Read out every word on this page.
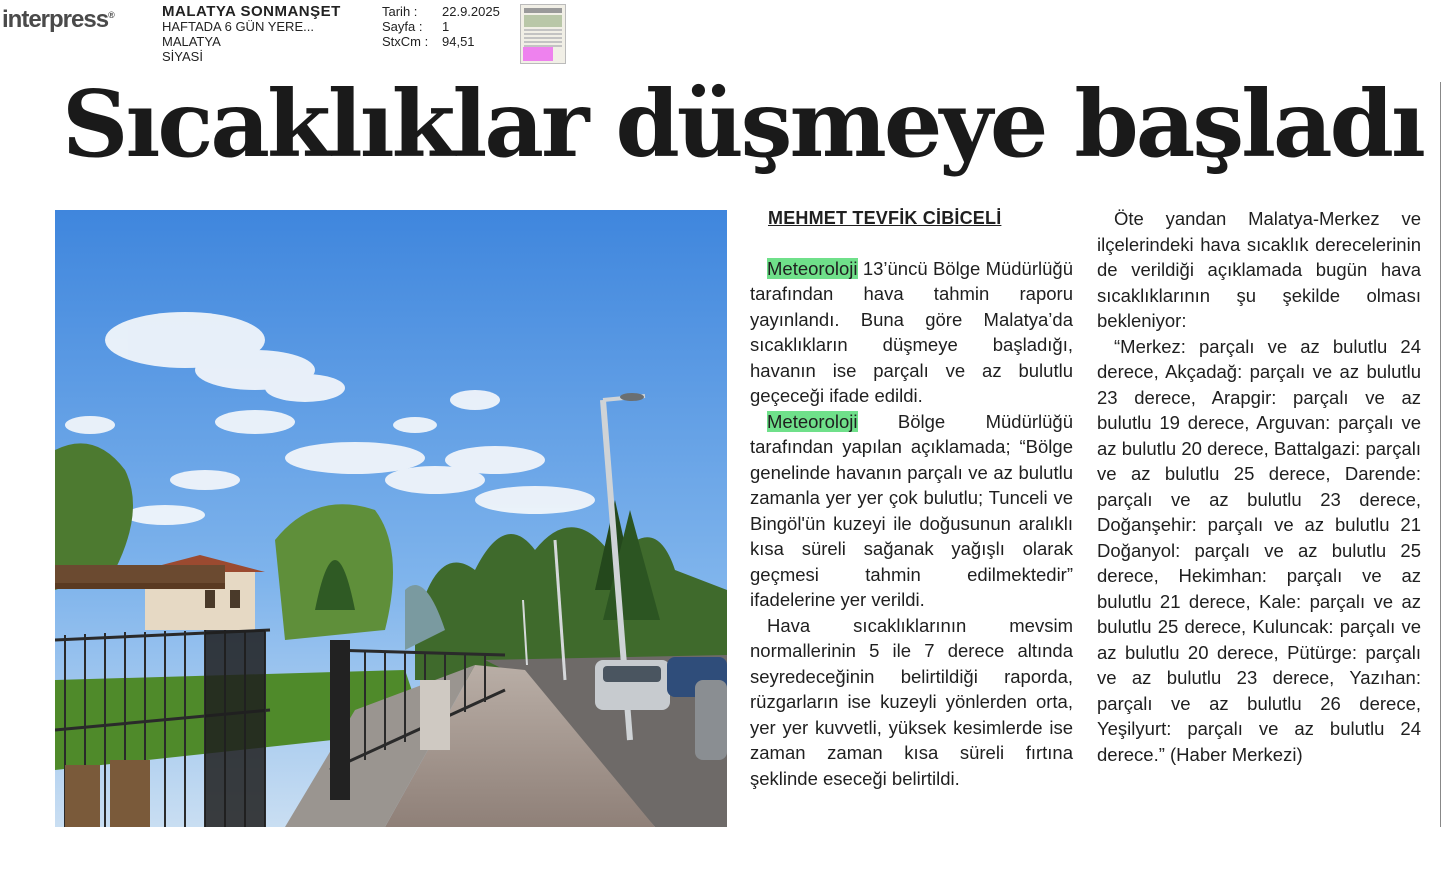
interpress®	MALATYA SONMANŞET
HAFTADA 6 GÜN YERE...
MALATYA
SİYASİ
Tarih :	22.9.2025
Sayfa :	1
StxCm :	94,51
Sıcaklıklar düşmeye başladı
MEHMET TEVFİK CİBİCELİ

Meteoroloji 13’üncü Bölge Müdürlüğü tarafından hava tahmin raporu yayınlandı. Buna göre Malatya’da sıcaklıkların düşmeye başladığı, havanın ise parçalı ve az bulutlu geçeceği ifade edildi.

Meteoroloji Bölge Müdürlüğü tarafından yapılan açıklamada; “Bölge genelinde havanın parçalı ve az bulutlu zamanla yer yer çok bulutlu; Tunceli ve Bingöl'ün kuzeyi ile doğusunun aralıklı kısa süreli sağanak yağışlı olarak geçmesi tahmin edilmektedir” ifadelerine yer verildi.

Hava sıcaklıklarının mevsim normallerinin 5 ile 7 derece altında seyredeceğinin belirtildiği raporda, rüzgarların ise kuzeyli yönlerden orta, yer yer kuvvetli, yüksek kesimlerde ise zaman zaman kısa süreli fırtına şeklinde eseceği belirtildi.

Öte yandan Malatya-Merkez ve ilçelerindeki hava sıcaklık derecelerinin de verildiği açıklamada bugün hava sıcaklıklarının şu şekilde olması bekleniyor:

“Merkez: parçalı ve az bulutlu 24 derece, Akçadağ: parçalı ve az bulutlu 23 derece, Arapgir: parçalı ve az bulutlu 19 derece, Arguvan: parçalı ve az bulutlu 20 derece, Battalgazi: parçalı ve az bulutlu 25 derece, Darende: parçalı ve az bulutlu 23 derece, Doğanşehir: parçalı ve az bulutlu 21 Doğanyol: parçalı ve az bulutlu 25 derece, Hekimhan: parçalı ve az bulutlu 21 derece, Kale: parçalı ve az bulutlu 25 derece, Kuluncak: parçalı ve az bulutlu 20 derece, Pütürge: parçalı ve az bulutlu 23 derece, Yazıhan: parçalı ve az bulutlu 26 derece, Yeşilyurt: parçalı ve az bulutlu 24 derece.” (Haber Merkezi)
